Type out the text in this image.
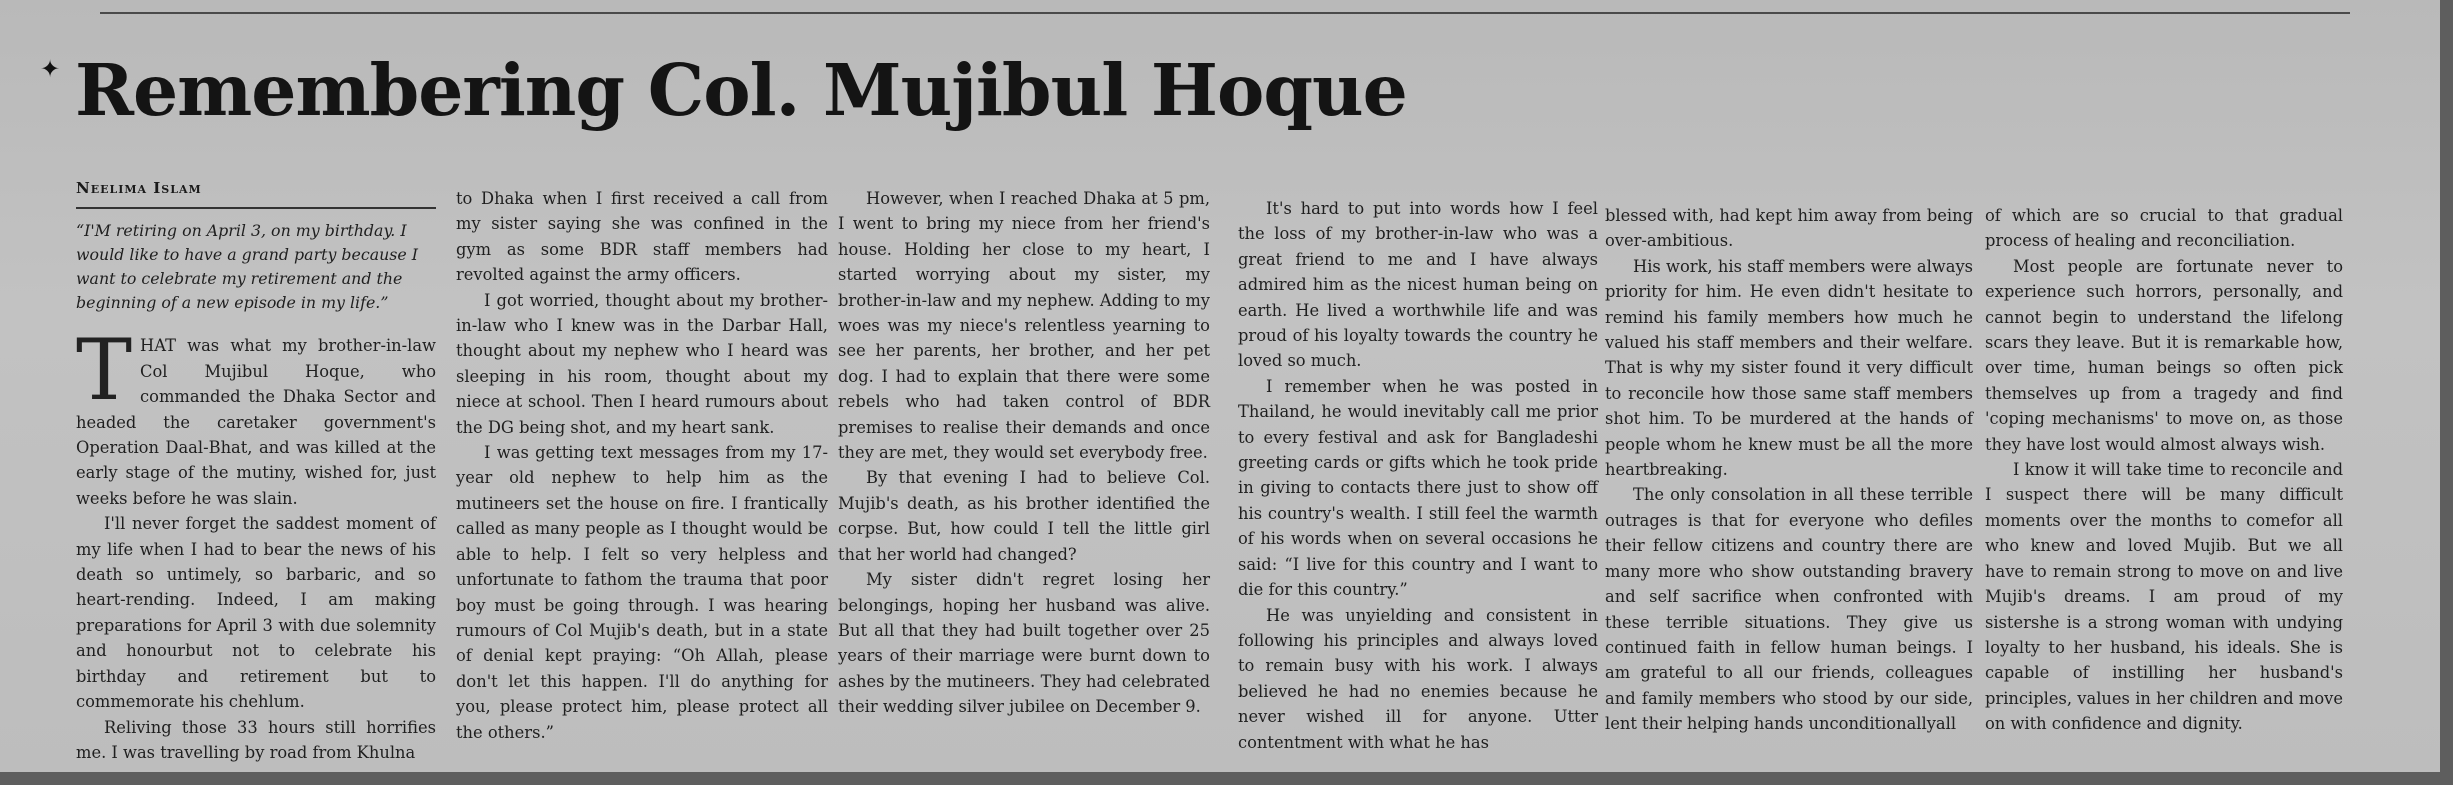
✦ Remembering Col. Mujibul Hoque
Neelima Islam
“I'M retiring on April 3, on my birthday. I would like to have a grand party because I want to celebrate my retirement and the beginning of a new episode in my life.”

THAT was what my brother-in-law Col Mujibul Hoque, who commanded the Dhaka Sector and headed the caretaker government's Operation Daal-Bhat, and was killed at the early stage of the mutiny, wished for, just weeks before he was slain.

I'll never forget the saddest moment of my life when I had to bear the news of his death so untimely, so barbaric, and so heart-rending. Indeed, I am making preparations for April 3 with due solemnity and honourbut not to celebrate his birthday and retirement but to commemorate his chehlum.

Reliving those 33 hours still horrifies me. I was travelling by road from Khulna

to Dhaka when I first received a call from my sister saying she was confined in the gym as some BDR staff members had revolted against the army officers.

I got worried, thought about my brother-in-law who I knew was in the Darbar Hall, thought about my nephew who I heard was sleeping in his room, thought about my niece at school. Then I heard rumours about the DG being shot, and my heart sank.

I was getting text messages from my 17-year old nephew to help him as the mutineers set the house on fire. I frantically called as many people as I thought would be able to help. I felt so very helpless and unfortunate to fathom the trauma that poor boy must be going through. I was hearing rumours of Col Mujib's death, but in a state of denial kept praying: “Oh Allah, please don't let this happen. I'll do anything for you, please protect him, please protect all the others.”

However, when I reached Dhaka at 5 pm, I went to bring my niece from her friend's house. Holding her close to my heart, I started worrying about my sister, my brother-in-law and my nephew. Adding to my woes was my niece's relentless yearning to see her parents, her brother, and her pet dog. I had to explain that there were some rebels who had taken control of BDR premises to realise their demands and once they are met, they would set everybody free.

By that evening I had to believe Col. Mujib's death, as his brother identified the corpse. But, how could I tell the little girl that her world had changed?

My sister didn't regret losing her belongings, hoping her husband was alive. But all that they had built together over 25 years of their marriage were burnt down to ashes by the mutineers. They had celebrated their wedding silver jubilee on December 9.

It's hard to put into words how I feel the loss of my brother-in-law who was a great friend to me and I have always admired him as the nicest human being on earth. He lived a worthwhile life and was proud of his loyalty towards the country he loved so much.

I remember when he was posted in Thailand, he would inevitably call me prior to every festival and ask for Bangladeshi greeting cards or gifts which he took pride in giving to contacts there just to show off his country's wealth. I still feel the warmth of his words when on several occasions he said: “I live for this country and I want to die for this country.”

He was unyielding and consistent in following his principles and always loved to remain busy with his work. I always believed he had no enemies because he never wished ill for anyone. Utter contentment with what he has

blessed with, had kept him away from being over-ambitious.

His work, his staff members were always priority for him. He even didn't hesitate to remind his family members how much he valued his staff members and their welfare. That is why my sister found it very difficult to reconcile how those same staff members shot him. To be murdered at the hands of people whom he knew must be all the more heartbreaking.

The only consolation in all these terrible outrages is that for everyone who defiles their fellow citizens and country there are many more who show outstanding bravery and self sacrifice when confronted with these terrible situations. They give us continued faith in fellow human beings. I am grateful to all our friends, colleagues and family members who stood by our side, lent their helping hands unconditionallyall

of which are so crucial to that gradual process of healing and reconciliation.

Most people are fortunate never to experience such horrors, personally, and cannot begin to understand the lifelong scars they leave. But it is remarkable how, over time, human beings so often pick themselves up from a tragedy and find 'coping mechanisms' to move on, as those they have lost would almost always wish.

I know it will take time to reconcile and I suspect there will be many difficult moments over the months to comefor all who knew and loved Mujib. But we all have to remain strong to move on and live Mujib's dreams. I am proud of my sistershe is a strong woman with undying loyalty to her husband, his ideals. She is capable of instilling her husband's principles, values in her children and move on with confidence and dignity.
